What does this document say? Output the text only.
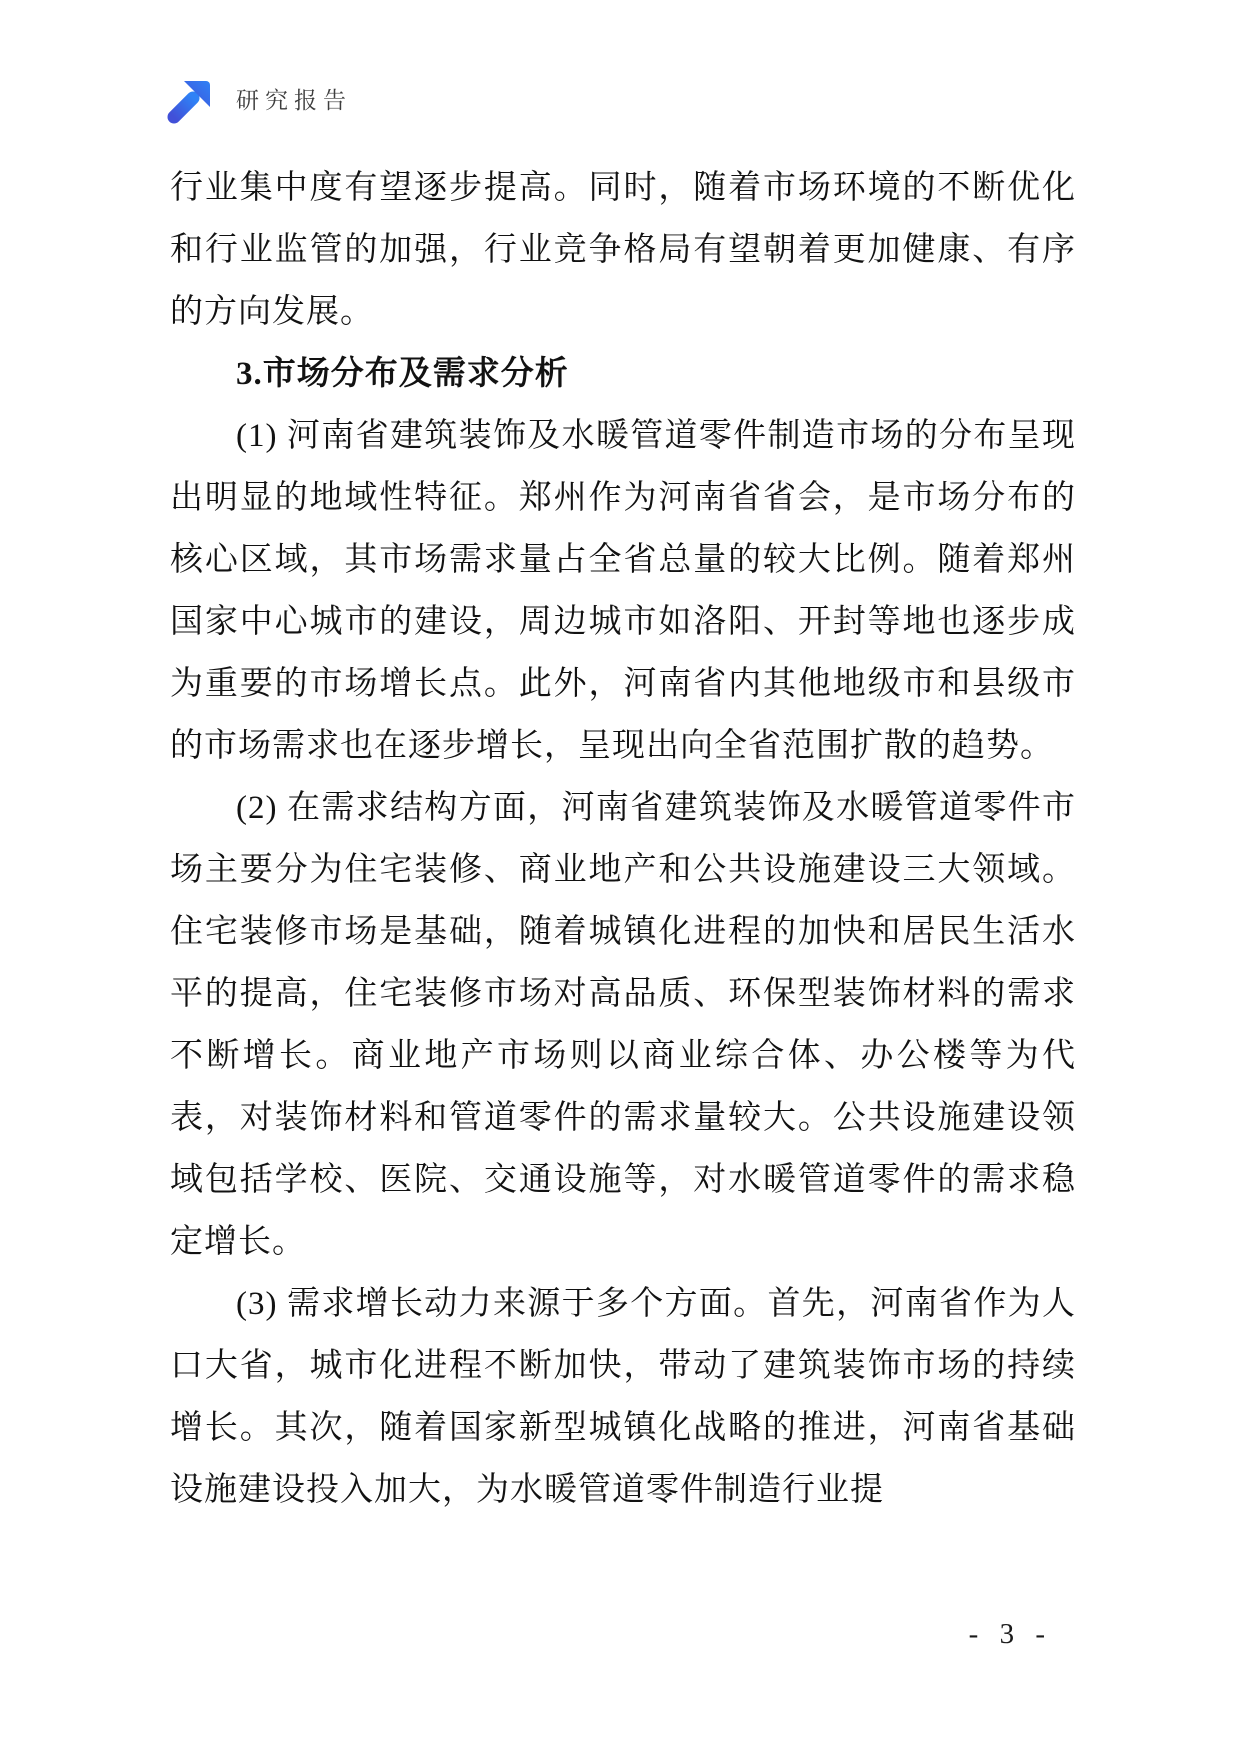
研究报告

行业集中度有望逐步提高。同时，随着市场环境的不断优化和行业监管的加强，行业竞争格局有望朝着更加健康、有序的方向发展。

3.市场分布及需求分析

(1) 河南省建筑装饰及水暖管道零件制造市场的分布呈现出明显的地域性特征。郑州作为河南省省会，是市场分布的核心区域，其市场需求量占全省总量的较大比例。随着郑州国家中心城市的建设，周边城市如洛阳、开封等地也逐步成为重要的市场增长点。此外，河南省内其他地级市和县级市的市场需求也在逐步增长，呈现出向全省范围扩散的趋势。

(2) 在需求结构方面，河南省建筑装饰及水暖管道零件市场主要分为住宅装修、商业地产和公共设施建设三大领域。住宅装修市场是基础，随着城镇化进程的加快和居民生活水平的提高，住宅装修市场对高品质、环保型装饰材料的需求不断增长。商业地产市场则以商业综合体、办公楼等为代表，对装饰材料和管道零件的需求量较大。公共设施建设领域包括学校、医院、交通设施等，对水暖管道零件的需求稳定增长。

(3) 需求增长动力来源于多个方面。首先，河南省作为人口大省，城市化进程不断加快，带动了建筑装饰市场的持续增长。其次，随着国家新型城镇化战略的推进，河南省基础设施建设投入加大，为水暖管道零件制造行业提

- 3 -
